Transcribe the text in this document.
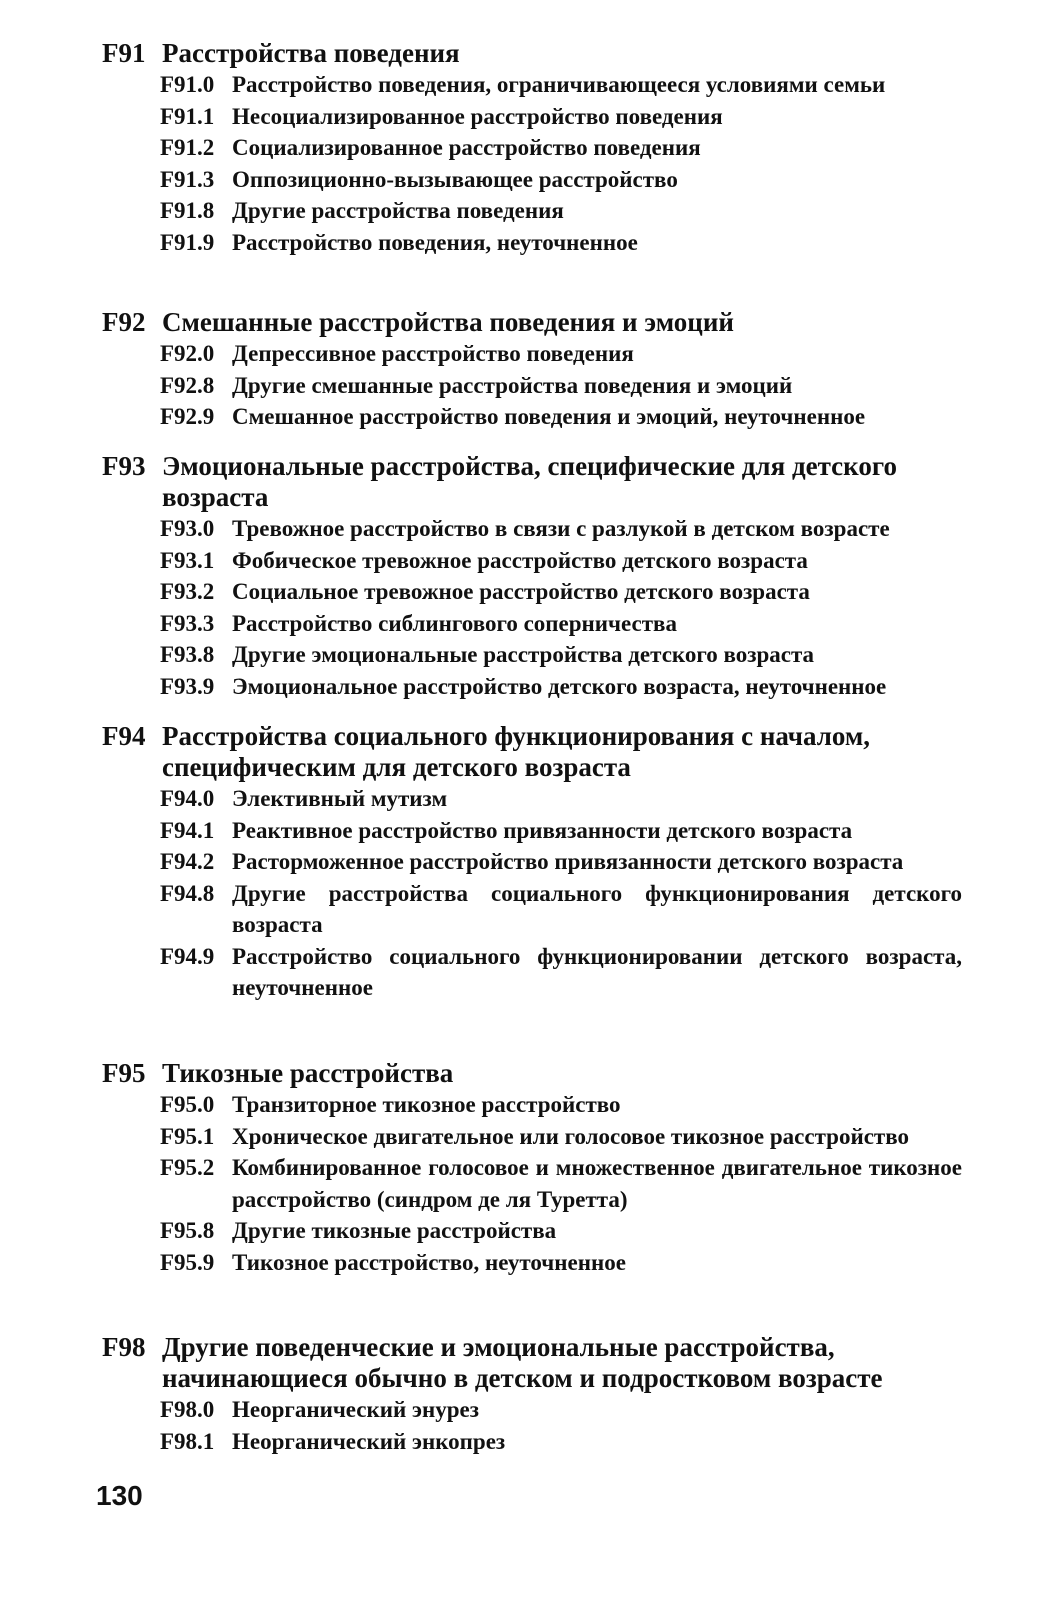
F91 Расстройства поведения
F91.0 Расстройство поведения, ограничивающееся условиями семьи
F91.1 Несоциализированное расстройство поведения
F91.2 Социализированное расстройство поведения
F91.3 Оппозиционно-вызывающее расстройство
F91.8 Другие расстройства поведения
F91.9 Расстройство поведения, неуточненное
F92 Смешанные расстройства поведения и эмоций
F92.0 Депрессивное расстройство поведения
F92.8 Другие смешанные расстройства поведения и эмоций
F92.9 Смешанное расстройство поведения и эмоций, неуточненное
F93 Эмоциональные расстройства, специфические для детского возраста
F93.0 Тревожное расстройство в связи с разлукой в детском возрасте
F93.1 Фобическое тревожное расстройство детского возраста
F93.2 Социальное тревожное расстройство детского возраста
F93.3 Расстройство сиблингового соперничества
F93.8 Другие эмоциональные расстройства детского возраста
F93.9 Эмоциональное расстройство детского возраста, неуточненное
F94 Расстройства социального функционирования с началом, специфическим для детского возраста
F94.0 Элективный мутизм
F94.1 Реактивное расстройство привязанности детского возраста
F94.2 Расторможенное расстройство привязанности детского возраста
F94.8 Другие расстройства социального функционирования детского возраста
F94.9 Расстройство социального функционировании детского возраста, неуточненное
F95 Тикозные расстройства
F95.0 Транзиторное тикозное расстройство
F95.1 Хроническое двигательное или голосовое тикозное расстройство
F95.2 Комбинированное голосовое и множественное двигательное тикозное расстройство (синдром де ля Туретта)
F95.8 Другие тикозные расстройства
F95.9 Тикозное расстройство, неуточненное
F98 Другие поведенческие и эмоциональные расстройства, начинающиеся обычно в детском и подростковом возрасте
F98.0 Неорганический энурез
F98.1 Неорганический энкопрез
130
